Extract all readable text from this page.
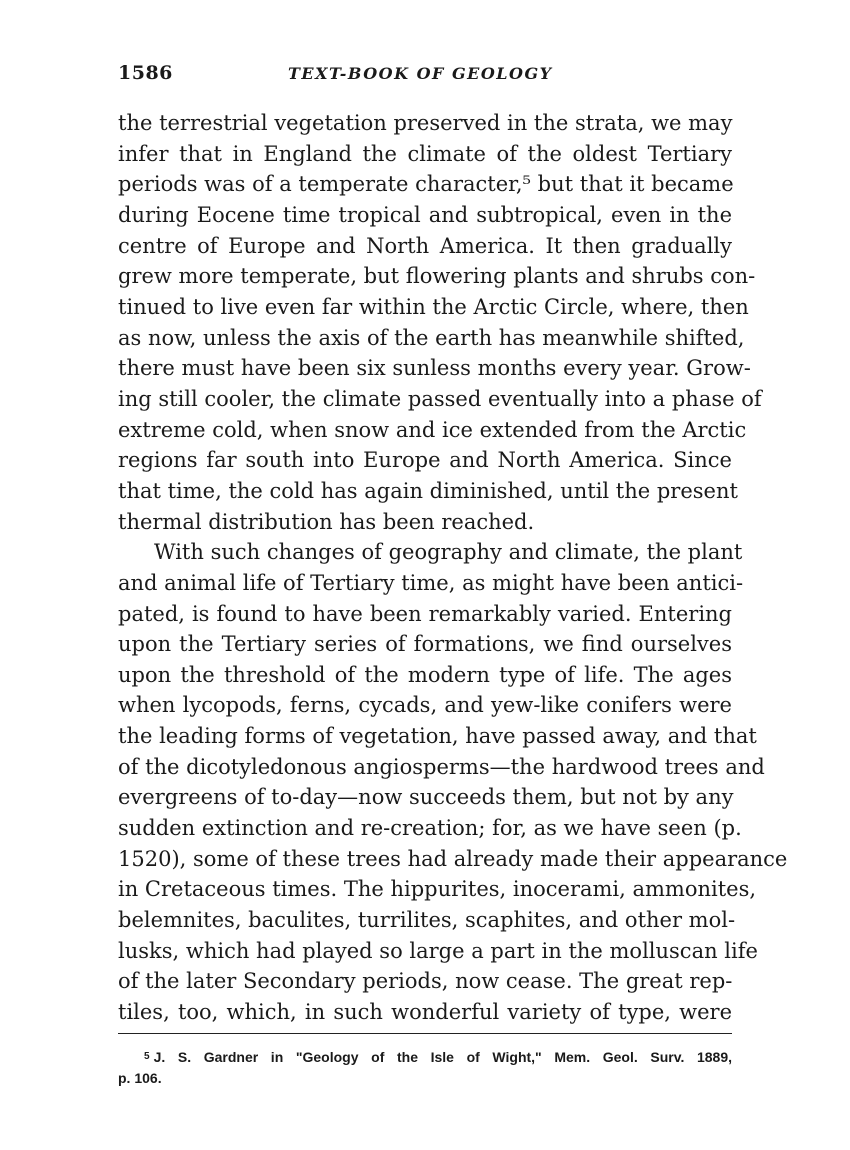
1586	TEXT-BOOK OF GEOLOGY
the terrestrial vegetation preserved in the strata, we may
infer that in England the climate of the oldest Tertiary
periods was of a temperate character,⁵ but that it became
during Eocene time tropical and subtropical, even in the
centre of Europe and North America. It then gradually
grew more temperate, but flowering plants and shrubs con-
tinued to live even far within the Arctic Circle, where, then
as now, unless the axis of the earth has meanwhile shifted,
there must have been six sunless months every year. Grow-
ing still cooler, the climate passed eventually into a phase of
extreme cold, when snow and ice extended from the Arctic
regions far south into Europe and North America. Since
that time, the cold has again diminished, until the present
thermal distribution has been reached.
With such changes of geography and climate, the plant
and animal life of Tertiary time, as might have been antici-
pated, is found to have been remarkably varied. Entering
upon the Tertiary series of formations, we find ourselves
upon the threshold of the modern type of life. The ages
when lycopods, ferns, cycads, and yew-like conifers were
the leading forms of vegetation, have passed away, and that
of the dicotyledonous angiosperms—the hardwood trees and
evergreens of to-day—now succeeds them, but not by any
sudden extinction and re-creation; for, as we have seen (p.
1520), some of these trees had already made their appearance
in Cretaceous times. The hippurites, inocerami, ammonites,
belemnites, baculites, turrilites, scaphites, and other mol-
lusks, which had played so large a part in the molluscan life
of the later Secondary periods, now cease. The great rep-
tiles, too, which, in such wonderful variety of type, were
$^5$ J. S. Gardner in "Geology of the Isle of Wight," Mem. Geol. Surv. 1889,
p. 106.
